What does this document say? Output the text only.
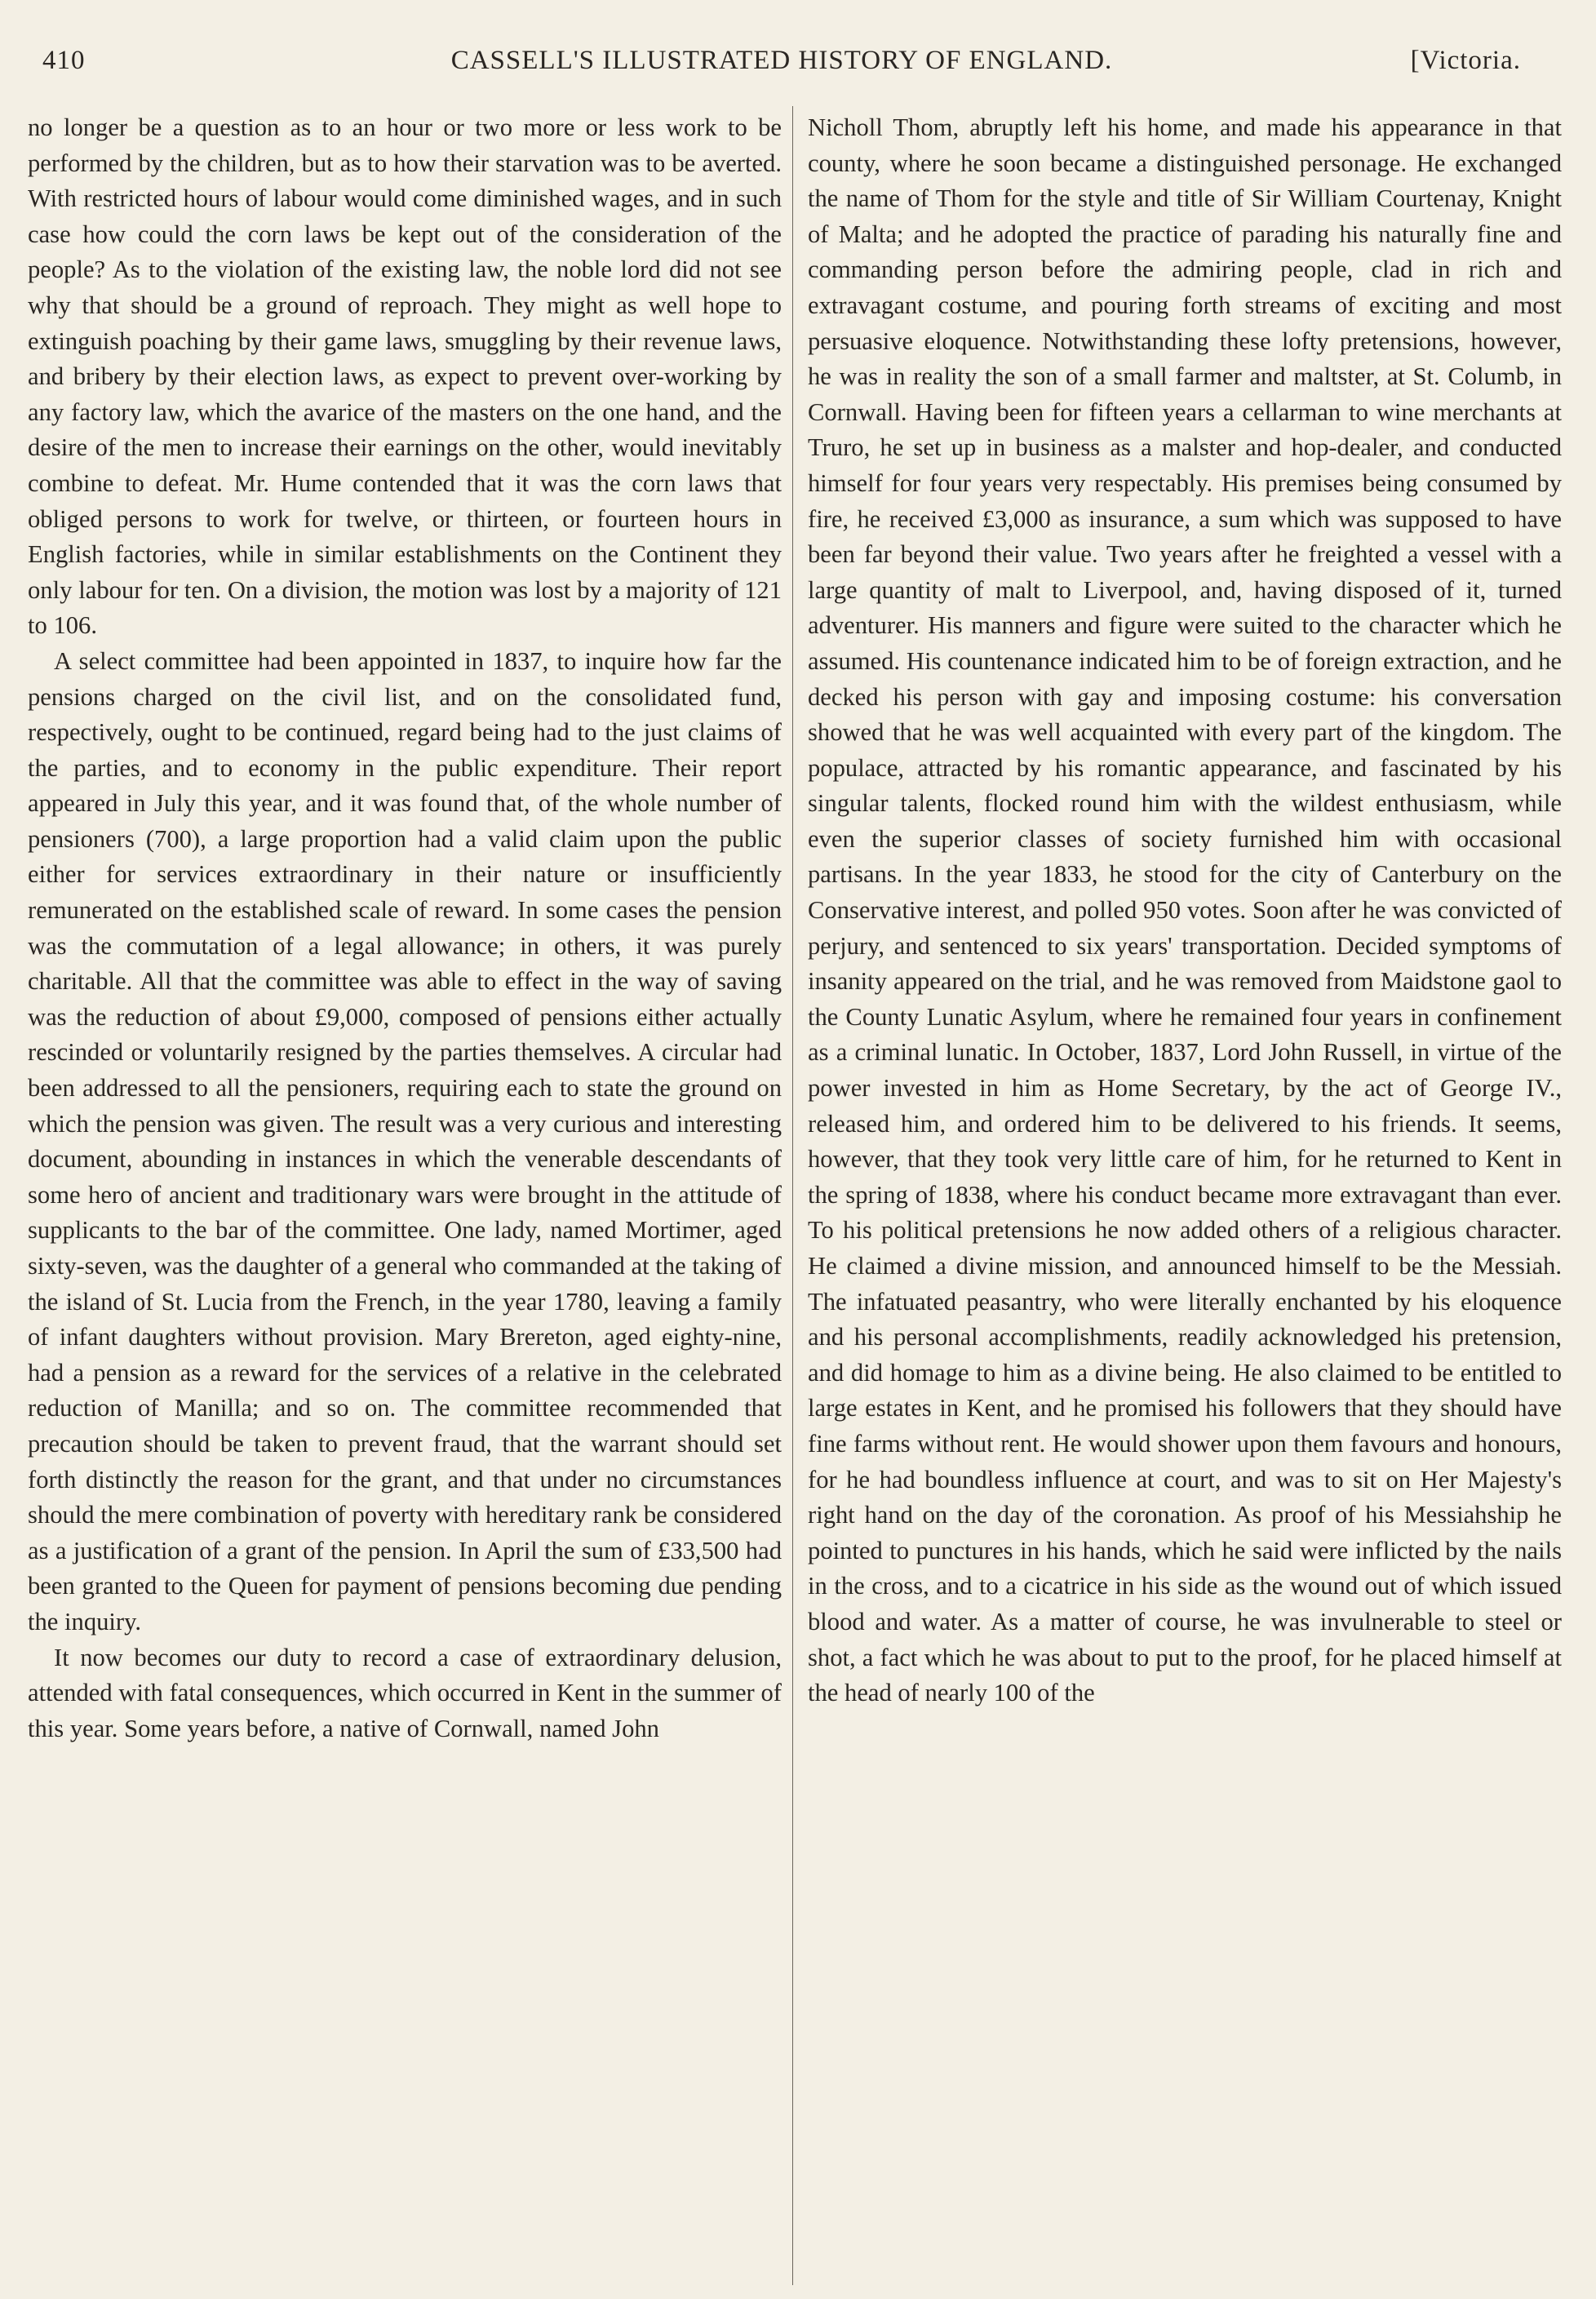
410	CASSELL'S ILLUSTRATED HISTORY OF ENGLAND.	[Victoria.

no longer be a question as to an hour or two more or less work to be performed by the children, but as to how their starvation was to be averted. With restricted hours of labour would come diminished wages, and in such case how could the corn laws be kept out of the consideration of the people? As to the violation of the existing law, the noble lord did not see why that should be a ground of reproach. They might as well hope to extinguish poaching by their game laws, smuggling by their revenue laws, and bribery by their election laws, as expect to prevent over-working by any factory law, which the avarice of the masters on the one hand, and the desire of the men to increase their earnings on the other, would inevitably combine to defeat. Mr. Hume contended that it was the corn laws that obliged persons to work for twelve, or thirteen, or fourteen hours in English factories, while in similar establishments on the Continent they only labour for ten. On a division, the motion was lost by a majority of 121 to 106.

A select committee had been appointed in 1837, to inquire how far the pensions charged on the civil list, and on the consolidated fund, respectively, ought to be continued, regard being had to the just claims of the parties, and to economy in the public expenditure. Their report appeared in July this year, and it was found that, of the whole number of pensioners (700), a large proportion had a valid claim upon the public either for services extraordinary in their nature or insufficiently remunerated on the established scale of reward. In some cases the pension was the commutation of a legal allowance; in others, it was purely charitable. All that the committee was able to effect in the way of saving was the reduction of about £9,000, composed of pensions either actually rescinded or voluntarily resigned by the parties themselves. A circular had been addressed to all the pensioners, requiring each to state the ground on which the pension was given. The result was a very curious and interesting document, abounding in instances in which the venerable descendants of some hero of ancient and traditionary wars were brought in the attitude of supplicants to the bar of the committee. One lady, named Mortimer, aged sixty-seven, was the daughter of a general who commanded at the taking of the island of St. Lucia from the French, in the year 1780, leaving a family of infant daughters without provision. Mary Brereton, aged eighty-nine, had a pension as a reward for the services of a relative in the celebrated reduction of Manilla; and so on. The committee recommended that precaution should be taken to prevent fraud, that the warrant should set forth distinctly the reason for the grant, and that under no circumstances should the mere combination of poverty with hereditary rank be considered as a justification of a grant of the pension. In April the sum of £33,500 had been granted to the Queen for payment of pensions becoming due pending the inquiry.

It now becomes our duty to record a case of extraordinary delusion, attended with fatal consequences, which occurred in Kent in the summer of this year. Some years before, a native of Cornwall, named John

Nicholl Thom, abruptly left his home, and made his appearance in that county, where he soon became a distinguished personage. He exchanged the name of Thom for the style and title of Sir William Courtenay, Knight of Malta; and he adopted the practice of parading his naturally fine and commanding person before the admiring people, clad in rich and extravagant costume, and pouring forth streams of exciting and most persuasive eloquence. Notwithstanding these lofty pretensions, however, he was in reality the son of a small farmer and maltster, at St. Columb, in Cornwall. Having been for fifteen years a cellarman to wine merchants at Truro, he set up in business as a malster and hop-dealer, and conducted himself for four years very respectably. His premises being consumed by fire, he received £3,000 as insurance, a sum which was supposed to have been far beyond their value. Two years after he freighted a vessel with a large quantity of malt to Liverpool, and, having disposed of it, turned adventurer. His manners and figure were suited to the character which he assumed. His countenance indicated him to be of foreign extraction, and he decked his person with gay and imposing costume: his conversation showed that he was well acquainted with every part of the kingdom. The populace, attracted by his romantic appearance, and fascinated by his singular talents, flocked round him with the wildest enthusiasm, while even the superior classes of society furnished him with occasional partisans. In the year 1833, he stood for the city of Canterbury on the Conservative interest, and polled 950 votes. Soon after he was convicted of perjury, and sentenced to six years' transportation. Decided symptoms of insanity appeared on the trial, and he was removed from Maidstone gaol to the County Lunatic Asylum, where he remained four years in confinement as a criminal lunatic. In October, 1837, Lord John Russell, in virtue of the power invested in him as Home Secretary, by the act of George IV., released him, and ordered him to be delivered to his friends. It seems, however, that they took very little care of him, for he returned to Kent in the spring of 1838, where his conduct became more extravagant than ever. To his political pretensions he now added others of a religious character. He claimed a divine mission, and announced himself to be the Messiah. The infatuated peasantry, who were literally enchanted by his eloquence and his personal accomplishments, readily acknowledged his pretension, and did homage to him as a divine being. He also claimed to be entitled to large estates in Kent, and he promised his followers that they should have fine farms without rent. He would shower upon them favours and honours, for he had boundless influence at court, and was to sit on Her Majesty's right hand on the day of the coronation. As proof of his Messiahship he pointed to punctures in his hands, which he said were inflicted by the nails in the cross, and to a cicatrice in his side as the wound out of which issued blood and water. As a matter of course, he was invulnerable to steel or shot, a fact which he was about to put to the proof, for he placed himself at the head of nearly 100 of the
